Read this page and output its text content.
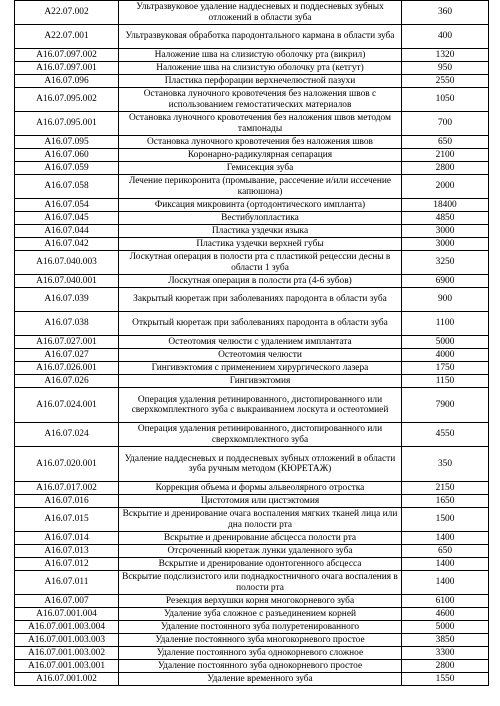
A22.07.002	Ультразвуковое удаление наддесневых и поддесневых зубных отложений в области зуба	360
A22.07.001	Ультразвуковая обработка пародонтального кармана в области зуба	400
A16.07.097.002	Наложение шва на слизистую оболочку рта (викрил)	1320
A16.07.097.001	Наложение шва на слизистую оболочку рта (кетгут)	950
A16.07.096	Пластика перфорации верхнечелюстной пазухи	2550
A16.07.095.002	Остановка луночного кровотечения без наложения швов с использованием гемостатических материалов	1050
A16.07.095.001	Остановка луночного кровотечения без наложения швов методом тампонады	700
A16.07.095	Остановка луночного кровотечения без наложения швов	650
A16.07.060	Коронарно-радикулярная сепарация	2100
A16.07.059	Гемисекция зуба	2800
A16.07.058	Лечение перикоронита (промывание, рассечение и/или иссечение капюшона)	2000
A16.07.054	Фиксация микровинта (ортодонтического импланта)	18400
A16.07.045	Вестибулопластика	4850
A16.07.044	Пластика уздечки языка	3000
A16.07.042	Пластика уздечки верхней губы	3000
A16.07.040.003	Лоскутная операция в полости рта с пластикой рецессии десны в области 1 зуба	3250
A16.07.040.001	Лоскутная операция в полости рта (4-6 зубов)	6900
A16.07.039	Закрытый кюретаж при заболеваниях пародонта в области зуба	900
A16.07.038	Открытый кюретаж при заболеваниях пародонта в области зуба	1100
A16.07.027.001	Остеотомия челюсти с удалением имплантата	5000
A16.07.027	Остеотомия челюсти	4000
A16.07.026.001	Гингивэктомия с применением хирургического лазера	1750
A16.07.026	Гингивэктомия	1150
A16.07.024.001	Операция удаления ретинированного, дистопированного или сверхкомплектного зуба с выкраиванием лоскута и остеотомией	7900
A16.07.024	Операция удаления ретинированного, дистопированного или сверхкомплектного зуба	4550
A16.07.020.001	Удаление наддесневых и поддесневых зубных отложений в области зуба ручным методом (КЮРЕТАЖ)	350
A16.07.017.002	Коррекция объема и формы альвеолярного отростка	2150
A16.07.016	Цистотомия или цистэктомия	1650
A16.07.015	Вскрытие и дренирование очага воспаления мягких тканей лица или дна полости рта	1500
A16.07.014	Вскрытие и дренирование абсцесса полости рта	1400
A16.07.013	Отсроченный кюретаж лунки удаленного зуба	650
A16.07.012	Вскрытие и дренирование одонтогенного абсцесса	1400
A16.07.011	Вскрытие подслизистого или поднадкостничного очага воспаления в полости рта	1400
A16.07.007	Резекция верхушки корня многокорневого зуба	6100
A16.07.001.004	Удаление зуба сложное с разъединением корней	4600
A16.07.001.003.004	Удаление постоянного зуба полуретенированного	5000
A16.07.001.003.003	Удаление постоянного зуба многокорневого простое	3850
A16.07.001.003.002	Удаление постоянного зуба однокорневого сложное	3300
A16.07.001.003.001	Удаление постоянного зуба однокорневого простое	2800
A16.07.001.002	Удаление временного зуба	1550
